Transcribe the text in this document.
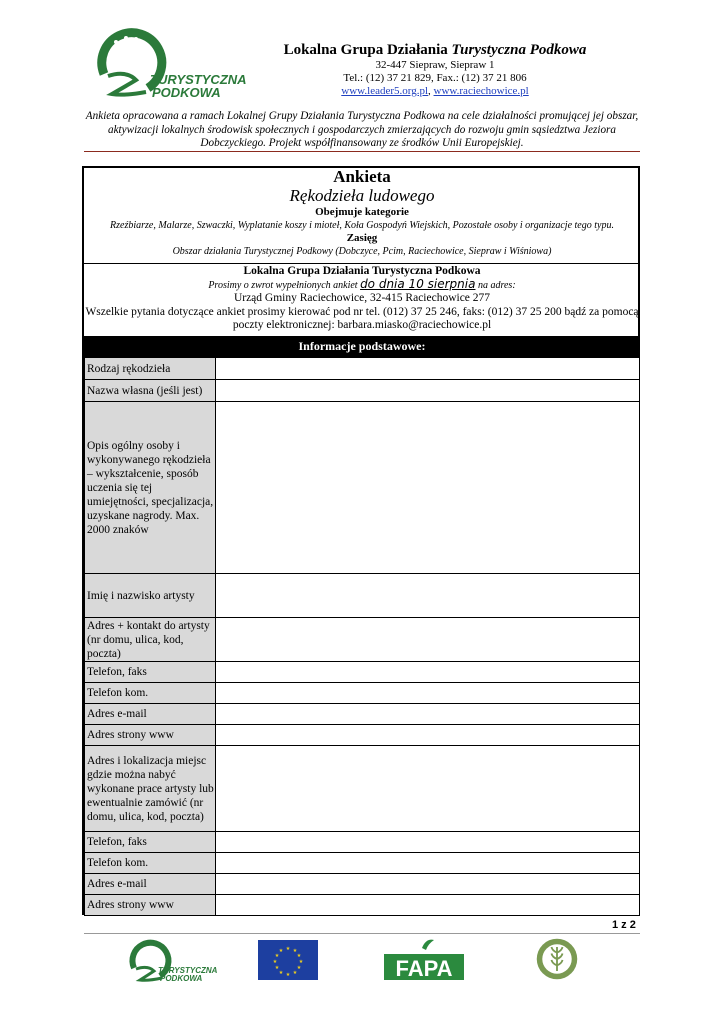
TURYSTYCZNA
PODKOWA
Lokalna Grupa Działania Turystyczna Podkowa
32-447 Siepraw, Siepraw 1
Tel.: (12) 37 21 829, Fax.: (12) 37 21 806
www.leader5.org.pl, www.raciechowice.pl
Ankieta opracowana a ramach Lokalnej Grupy Działania Turystyczna Podkowa na cele działalności promującej jej obszar, aktywizacji lokalnych środowisk społecznych i gospodarczych zmierzających do rozwoju gmin sąsiedztwa Jeziora Dobczyckiego. Projekt współfinansowany ze środków Unii Europejskiej.
Ankieta
Rękodzieła ludowego
Obejmuje kategorie
Rzeźbiarze, Malarze, Szwaczki, Wyplatanie koszy i mioteł, Koła Gospodyń Wiejskich, Pozostałe osoby i organizacje tego typu.
Zasięg
Obszar działania Turystycznej Podkowy (Dobczyce, Pcim, Raciechowice, Siepraw i Wiśniowa)
Lokalna Grupa Działania Turystyczna Podkowa
Prosimy o zwrot wypełnionych ankiet do dnia 10 sierpnia na adres:
Urząd Gminy Raciechowice, 32-415 Raciechowice 277
Wszelkie pytania dotyczące ankiet prosimy kierować pod nr tel. (012) 37 25 246, faks: (012) 37 25 200 bądź za pomocą poczty elektronicznej: barbara.miasko@raciechowice.pl
Informacje podstawowe:
Rodzaj rękodzieła	
Nazwa własna (jeśli jest)	
Opis ogólny osoby i wykonywanego rękodzieła – wykształcenie, sposób uczenia się tej umiejętności, specjalizacja, uzyskane nagrody. Max. 2000 znaków	
Imię i nazwisko artysty	
Adres + kontakt do artysty (nr domu, ulica, kod, poczta)	
Telefon, faks	
Telefon kom.	
Adres e-mail	
Adres strony www	
Adres i lokalizacja miejsc gdzie można nabyć wykonane prace artysty lub ewentualnie zamówić (nr domu, ulica, kod, poczta)	
Telefon, faks	
Telefon kom.	
Adres e-mail	
Adres strony www	
1 z 2
TURYSTYCZNA
PODKOWA
★ ★
★
★
★
★
★
★
★
★
★
★
FAPA
